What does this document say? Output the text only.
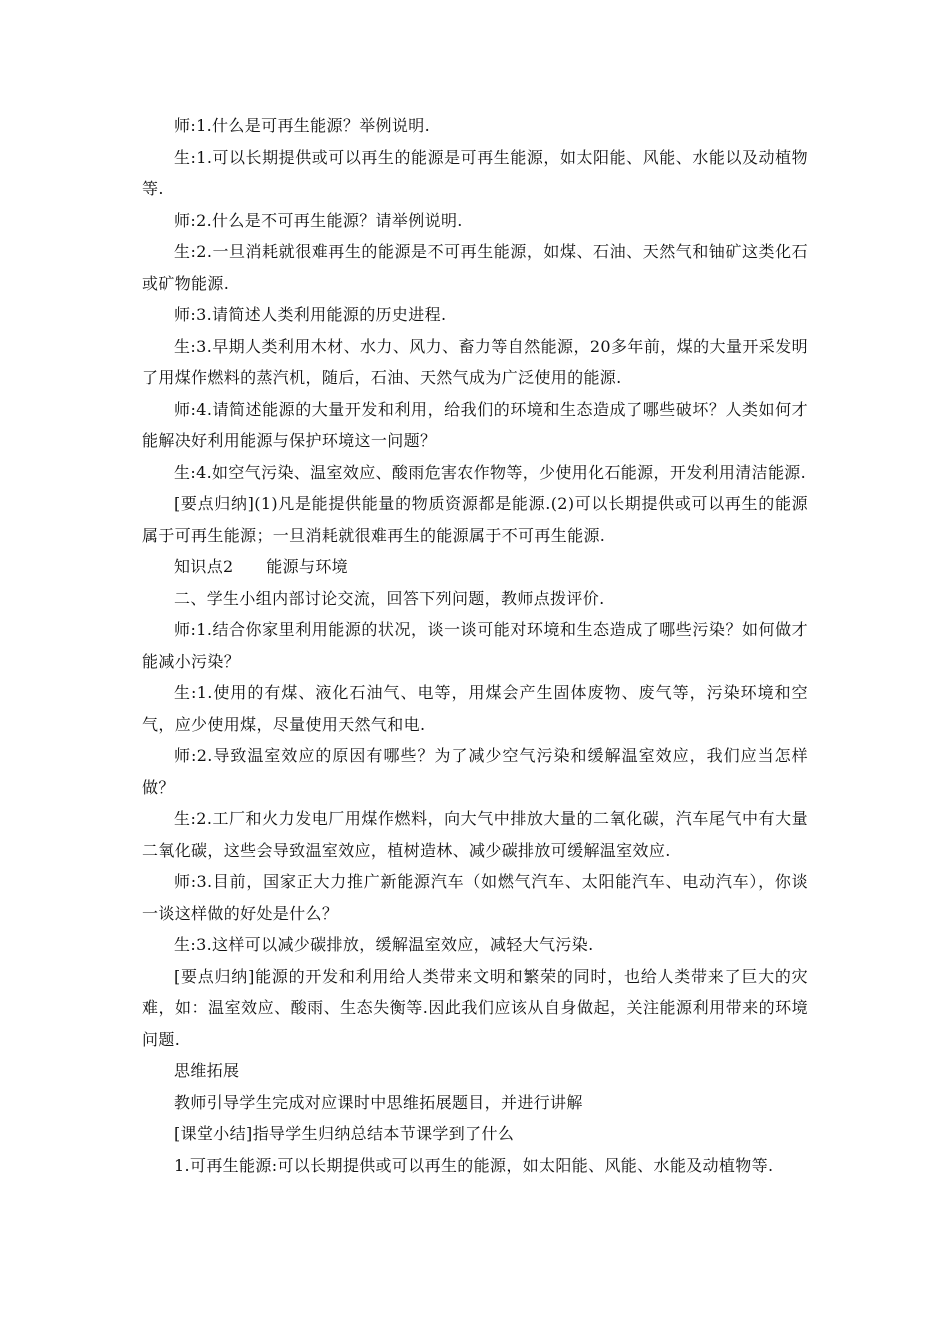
师:1.什么是可再生能源？举例说明.

生:1.可以长期提供或可以再生的能源是可再生能源，如太阳能、风能、水能以及动植物等.

师:2.什么是不可再生能源？请举例说明.

生:2.一旦消耗就很难再生的能源是不可再生能源，如煤、石油、天然气和铀矿这类化石或矿物能源.

师:3.请简述人类利用能源的历史进程.

生:3.早期人类利用木材、水力、风力、畜力等自然能源，20多年前，煤的大量开采发明了用煤作燃料的蒸汽机，随后，石油、天然气成为广泛使用的能源.

师:4.请简述能源的大量开发和利用，给我们的环境和生态造成了哪些破坏？人类如何才能解决好利用能源与保护环境这一问题？

生:4.如空气污染、温室效应、酸雨危害农作物等，少使用化石能源，开发利用清洁能源.

[要点归纳](1)凡是能提供能量的物质资源都是能源.(2)可以长期提供或可以再生的能源属于可再生能源；一旦消耗就很难再生的能源属于不可再生能源.

知识点2　　能源与环境

二、学生小组内部讨论交流，回答下列问题，教师点拨评价.

师:1.结合你家里利用能源的状况，谈一谈可能对环境和生态造成了哪些污染？如何做才能减小污染？

生:1.使用的有煤、液化石油气、电等，用煤会产生固体废物、废气等，污染环境和空气，应少使用煤，尽量使用天然气和电.

师:2.导致温室效应的原因有哪些？为了减少空气污染和缓解温室效应，我们应当怎样做？

生:2.工厂和火力发电厂用煤作燃料，向大气中排放大量的二氧化碳，汽车尾气中有大量二氧化碳，这些会导致温室效应，植树造林、减少碳排放可缓解温室效应.

师:3.目前，国家正大力推广新能源汽车（如燃气汽车、太阳能汽车、电动汽车），你谈一谈这样做的好处是什么？

生:3.这样可以减少碳排放，缓解温室效应，减轻大气污染.

[要点归纳]能源的开发和利用给人类带来文明和繁荣的同时，也给人类带来了巨大的灾难，如：温室效应、酸雨、生态失衡等.因此我们应该从自身做起，关注能源利用带来的环境问题.

思维拓展

教师引导学生完成对应课时中思维拓展题目，并进行讲解

[课堂小结]指导学生归纳总结本节课学到了什么

1.可再生能源:可以长期提供或可以再生的能源，如太阳能、风能、水能及动植物等.
